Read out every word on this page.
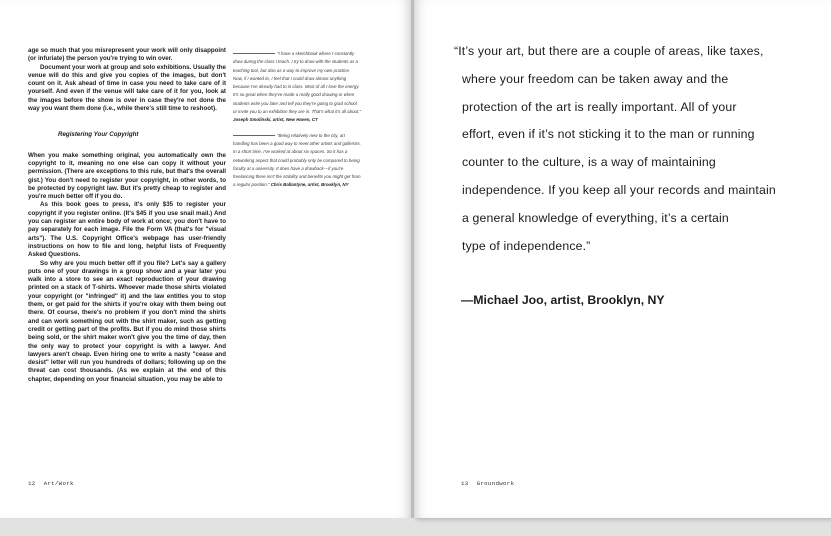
age so much that you misrepresent your work will only disappoint (or infuriate) the person you're trying to win over.

Document your work at group and solo exhibitions. Usually the venue will do this and give you copies of the images, but don't count on it. Ask ahead of time in case you need to take care of it yourself. And even if the venue will take care of it for you, look at the images before the show is over in case they're not done the way you want them done (i.e., while there's still time to reshoot).

Registering Your Copyright

When you make something original, you automatically own the copyright to it, meaning no one else can copy it without your permission. (There are exceptions to this rule, but that's the overall gist.) You don't need to register your copyright, in other words, to be protected by copyright law. But it's pretty cheap to register and you're much better off if you do.

As this book goes to press, it's only $35 to register your copyright if you register online. (It's $45 if you use snail mail.) And you can register an entire body of work at once; you don't have to pay separately for each image. File the Form VA (that's for "visual arts"). The U.S. Copyright Office's webpage has user-friendly instructions on how to file and long, helpful lists of Frequently Asked Questions.

So why are you much better off if you file? Let's say a gallery puts one of your drawings in a group show and a year later you walk into a store to see an exact reproduction of your drawing printed on a stack of T-shirts. Whoever made those shirts violated your copyright (or "infringed" it) and the law entitles you to stop them, or get paid for the shirts if you're okay with them being out there. Of course, there's no problem if you don't mind the shirts and can work something out with the shirt maker, such as getting credit or getting part of the profits. But if you do mind those shirts being sold, or the shirt maker won't give you the time of day, then the only way to protect your copyright is with a lawyer. And lawyers aren't cheap. Even hiring one to write a nasty "cease and desist" letter will run you hundreds of dollars; following up on the threat can cost thousands. (As we explain at the end of this chapter, depending on your financial situation, you may be able to

"I have a sketchbook where I constantly draw during the class I teach. I try to draw with the students as a teaching tool, but also as a way to improve my own practice. Now, if I wanted to, I feel that I could draw almost anything because I've already had to in class. Most of all I love the energy. It's so great when they've made a really good drawing or when students write you later and tell you they're going to grad school or invite you to an exhibition they are in. That's what it's all about." Joseph Smolinski, artist, New Haven, CT

"Being relatively new to the city, art handling has been a good way to meet other artists and gallerists. In a short time, I've worked at about six spaces. So it has a networking aspect that could probably only be compared to being faculty at a university. It does have a drawback—if you're freelancing there isn't the stability and benefits you might get from a regular position." Chris Ballantyne, artist, Brooklyn, NY

12 Art/Work
“It’s your art, but there are a couple of areas, like taxes,
where your freedom can be taken away and the
protection of the art is really important. All of your
effort, even if it’s not sticking it to the man or running
counter to the culture, is a way of maintaining
independence. If you keep all your records and maintain
a general knowledge of everything, it’s a certain
type of independence.”
—Michael Joo, artist, Brooklyn, NY
13 Groundwork
